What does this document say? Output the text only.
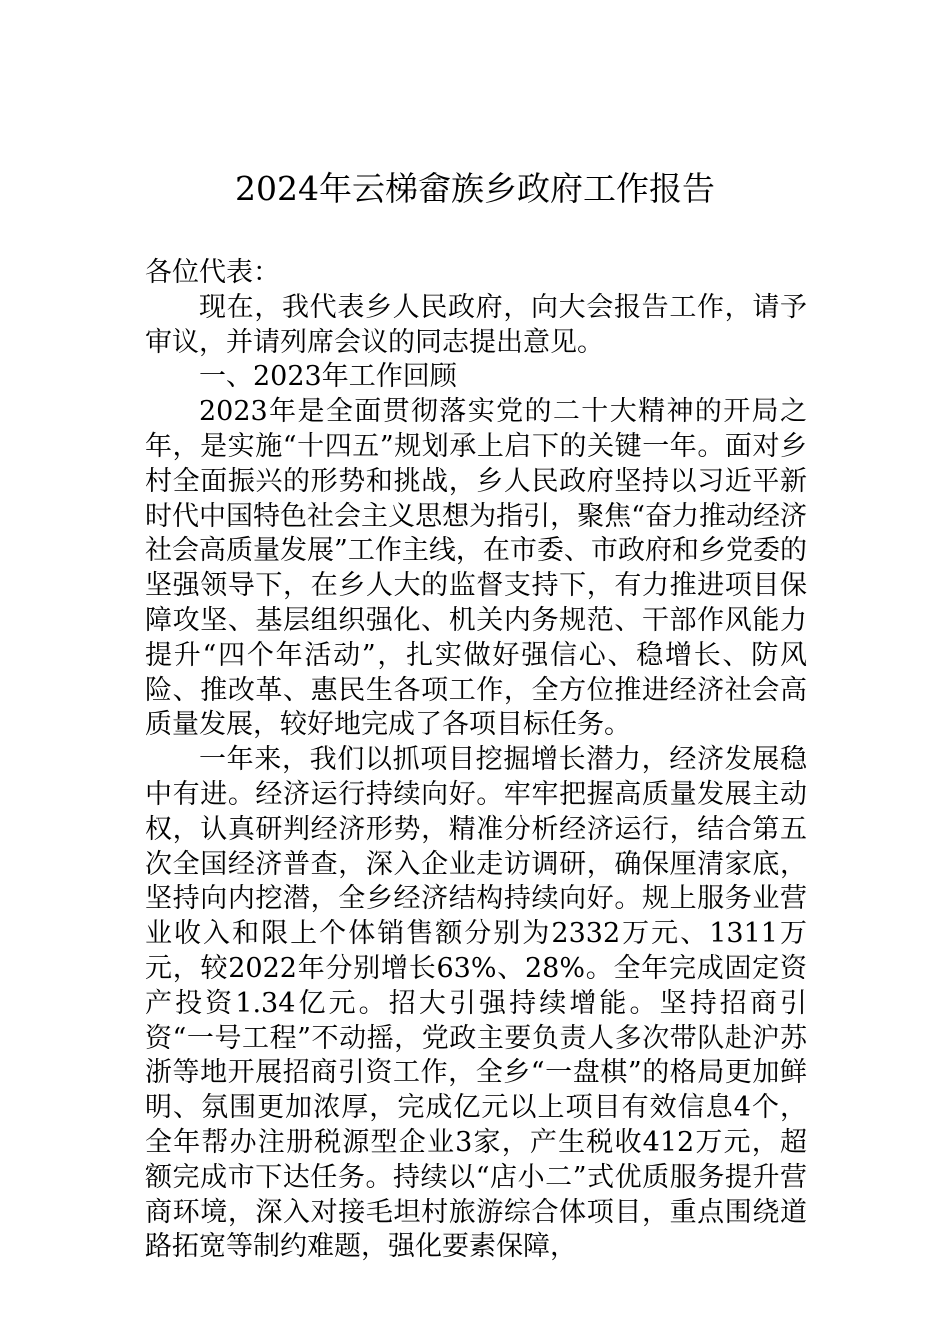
2024年云梯畲族乡政府工作报告

各位代表：

现在，我代表乡人民政府，向大会报告工作，请予审议，并请列席会议的同志提出意见。

一、2023年工作回顾

2023年是全面贯彻落实党的二十大精神的开局之年，是实施“十四五”规划承上启下的关键一年。面对乡村全面振兴的形势和挑战，乡人民政府坚持以习近平新时代中国特色社会主义思想为指引，聚焦“奋力推动经济社会高质量发展”工作主线，在市委、市政府和乡党委的坚强领导下，在乡人大的监督支持下，有力推进项目保障攻坚、基层组织强化、机关内务规范、干部作风能力提升“四个年活动”，扎实做好强信心、稳增长、防风险、推改革、惠民生各项工作，全方位推进经济社会高质量发展，较好地完成了各项目标任务。

一年来，我们以抓项目挖掘增长潜力，经济发展稳中有进。经济运行持续向好。牢牢把握高质量发展主动权，认真研判经济形势，精准分析经济运行，结合第五次全国经济普查，深入企业走访调研，确保厘清家底，坚持向内挖潜，全乡经济结构持续向好。规上服务业营业收入和限上个体销售额分别为2332万元、1311万元，较2022年分别增长63%、28%。全年完成固定资产投资1.34亿元。招大引强持续增能。坚持招商引资“一号工程”不动摇，党政主要负责人多次带队赴沪苏浙等地开展招商引资工作，全乡“一盘棋”的格局更加鲜明、氛围更加浓厚，完成亿元以上项目有效信息4个，全年帮办注册税源型企业3家，产生税收412万元，超额完成市下达任务。持续以“店小二”式优质服务提升营商环境，深入对接毛坦村旅游综合体项目，重点围绕道路拓宽等制约难题，强化要素保障，
